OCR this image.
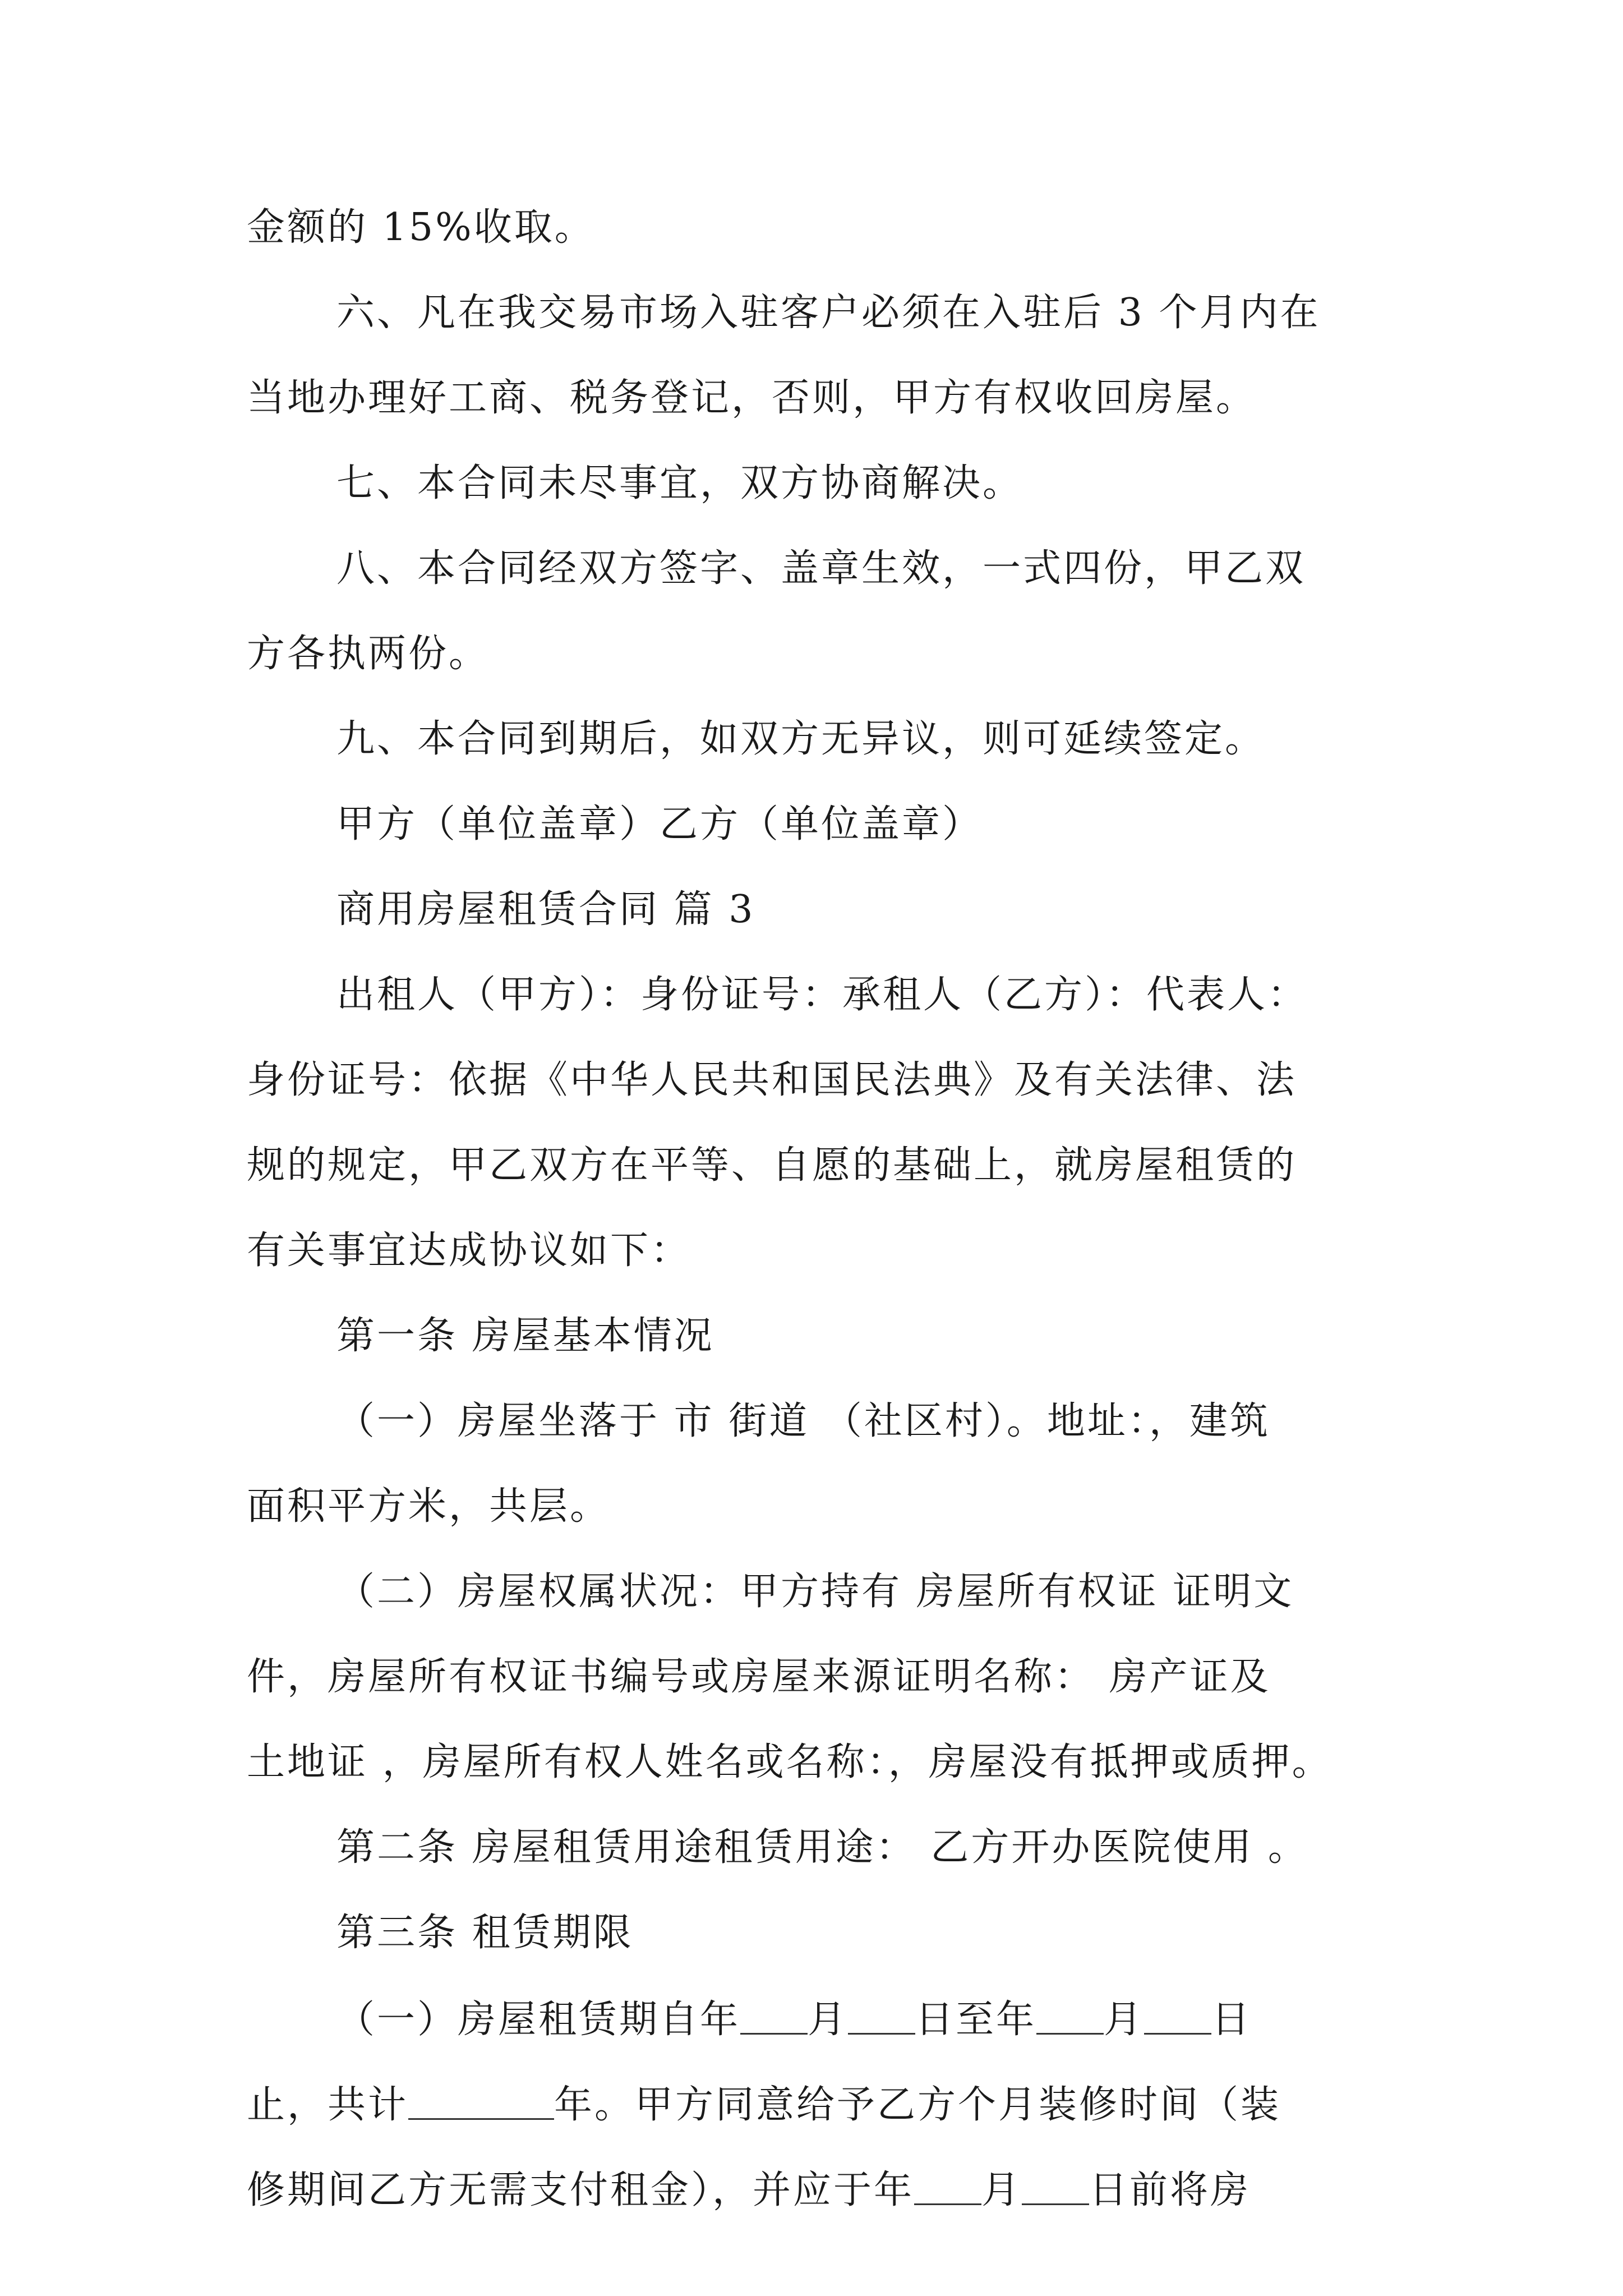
金额的 15%收取。
六、凡在我交易市场入驻客户必须在入驻后 3 个月内在
当地办理好工商、税务登记，否则，甲方有权收回房屋。
七、本合同未尽事宜，双方协商解决。
八、本合同经双方签字、盖章生效，一式四份，甲乙双
方各执两份。
九、本合同到期后，如双方无异议，则可延续签定。
甲方（单位盖章）乙方（单位盖章）
商用房屋租赁合同 篇 3
出租人（甲方）：身份证号：承租人（乙方）：代表人：
身份证号：依据《中华人民共和国民法典》及有关法律、法
规的规定，甲乙双方在平等、自愿的基础上，就房屋租赁的
有关事宜达成协议如下：
第一条 房屋基本情况
（一）房屋坐落于 市 街道 （社区村）。地址：，建筑
面积平方米，共层。
（二）房屋权属状况：甲方持有 房屋所有权证 证明文
件，房屋所有权证书编号或房屋来源证明名称： 房产证及
土地证 ，房屋所有权人姓名或名称：，房屋没有抵押或质押。
第二条 房屋租赁用途租赁用途： 乙方开办医院使用 。
第三条 租赁期限
（一）房屋租赁期自年 月 日至年 月 日
止，共计	年。甲方同意给予乙方个月装修时间（装
修期间乙方无需支付租金），并应于年 月 日前将房
